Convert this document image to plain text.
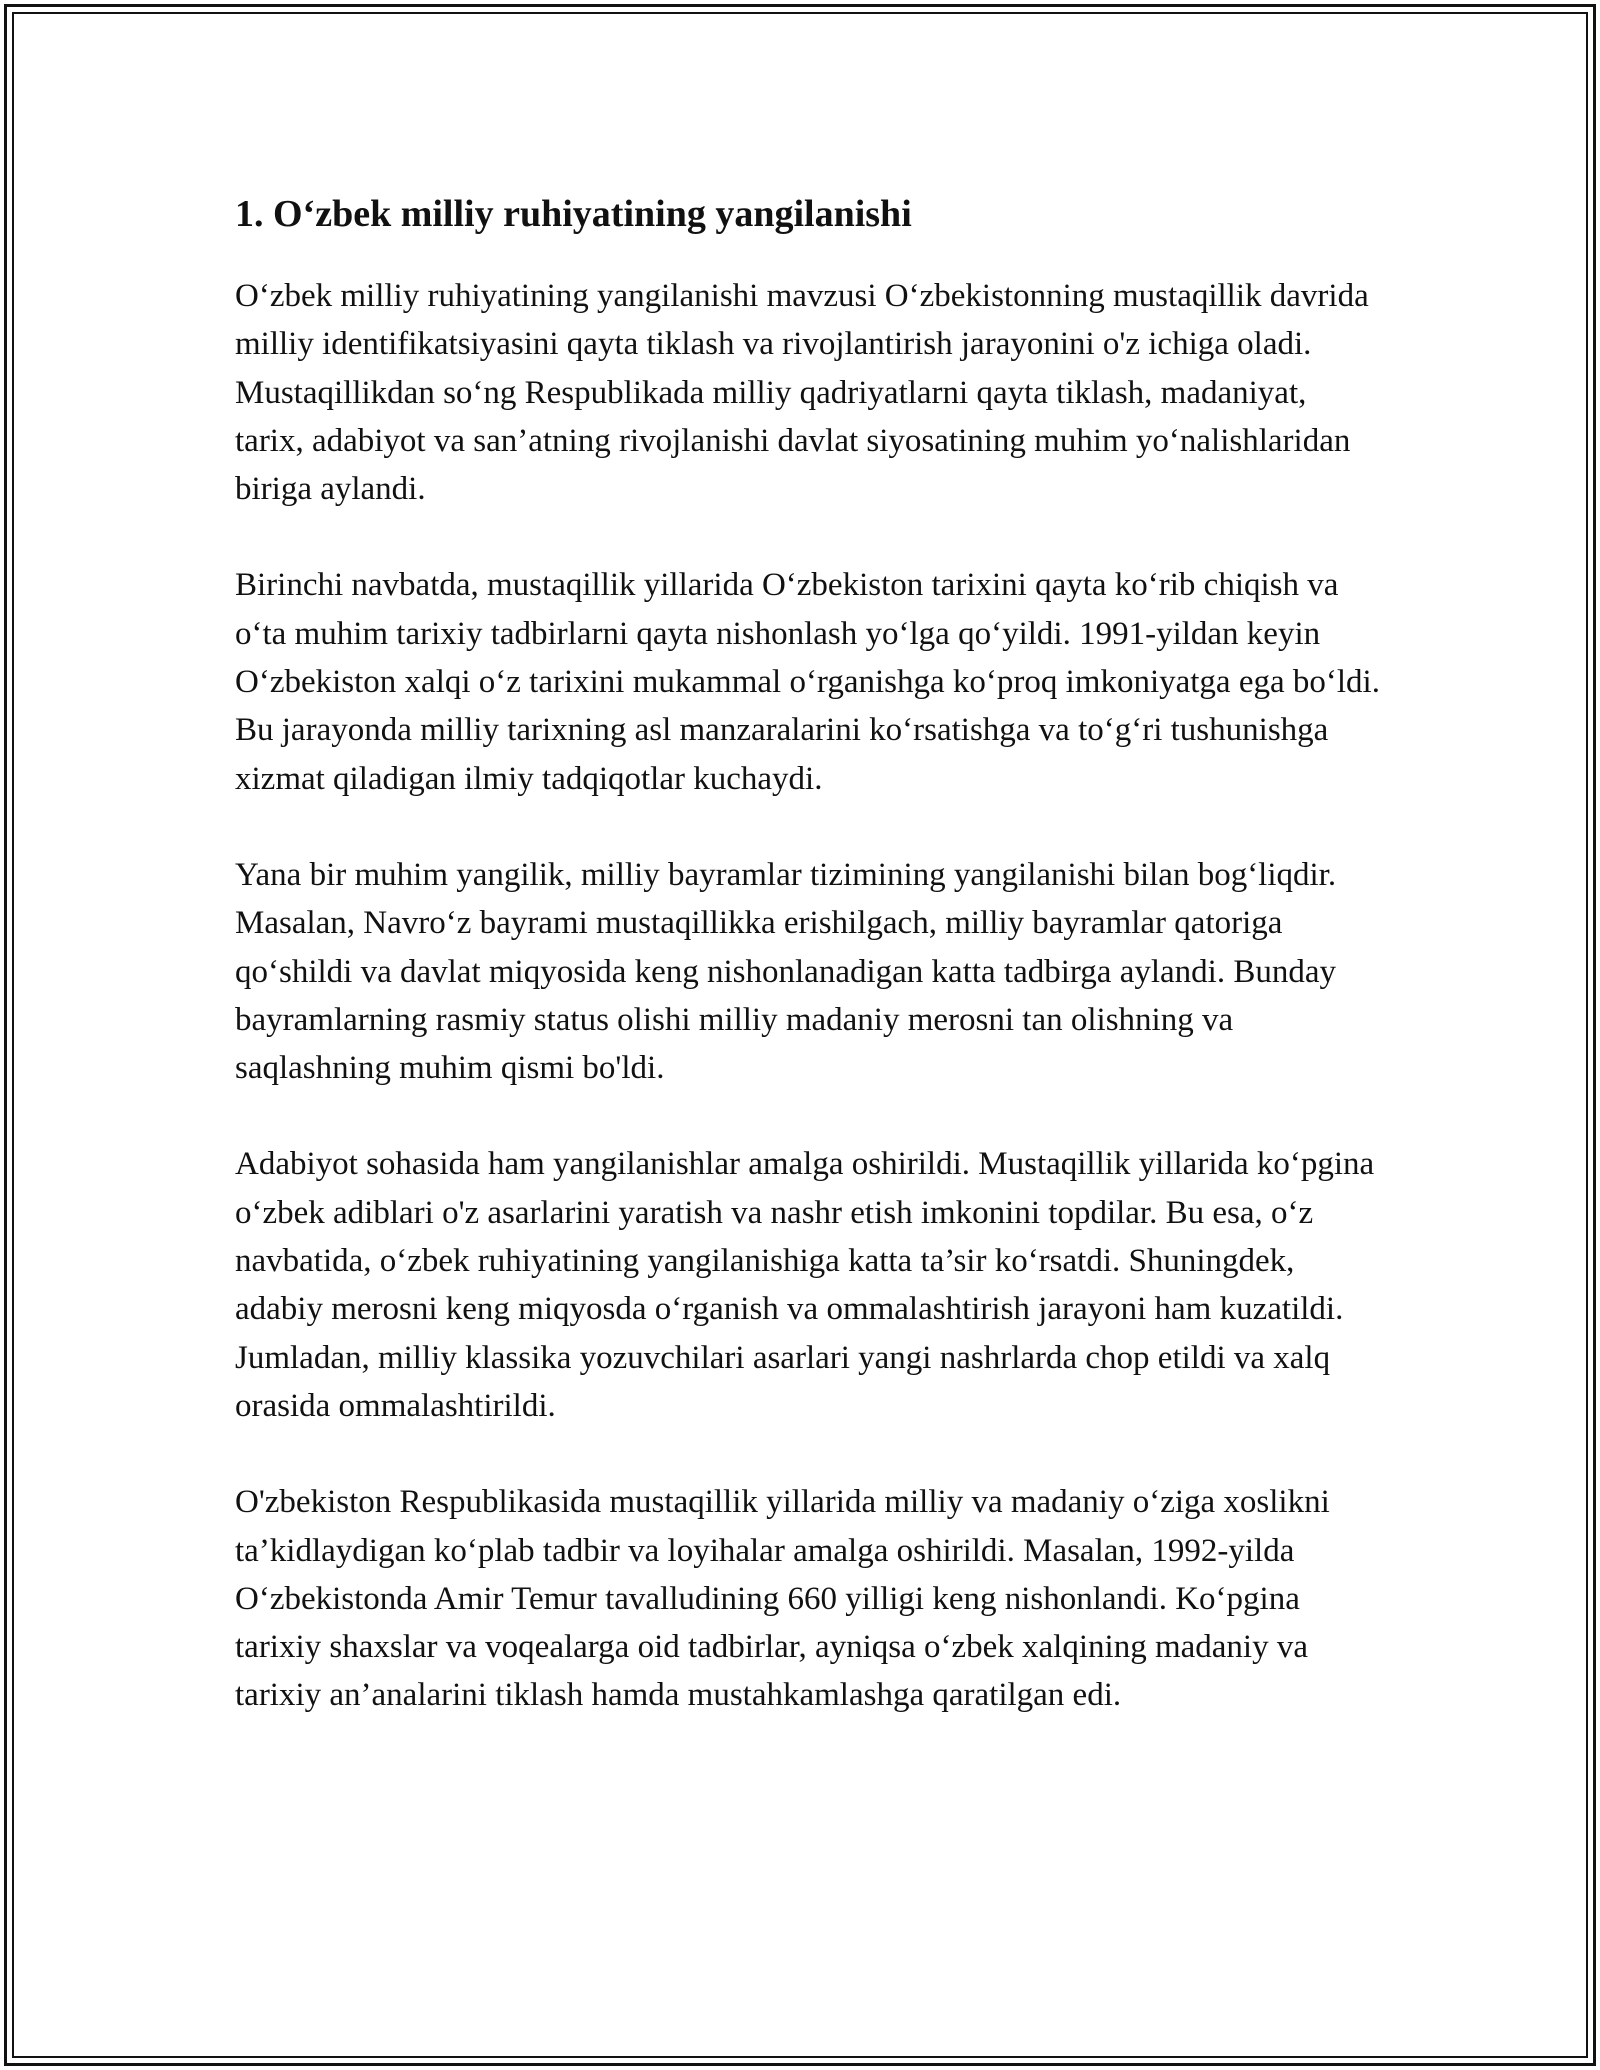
1. O‘zbek milliy ruhiyatining yangilanishi

O‘zbek milliy ruhiyatining yangilanishi mavzusi O‘zbekistonning mustaqillik davrida milliy identifikatsiyasini qayta tiklash va rivojlantirish jarayonini o'z ichiga oladi. Mustaqillikdan so‘ng Respublikada milliy qadriyatlarni qayta tiklash, madaniyat, tarix, adabiyot va san’atning rivojlanishi davlat siyosatining muhim yo‘nalishlaridan biriga aylandi.

Birinchi navbatda, mustaqillik yillarida O‘zbekiston tarixini qayta ko‘rib chiqish va o‘ta muhim tarixiy tadbirlarni qayta nishonlash yo‘lga qo‘yildi. 1991-yildan keyin O‘zbekiston xalqi o‘z tarixini mukammal o‘rganishga ko‘proq imkoniyatga ega bo‘ldi. Bu jarayonda milliy tarixning asl manzaralarini ko‘rsatishga va to‘g‘ri tushunishga xizmat qiladigan ilmiy tadqiqotlar kuchaydi.

Yana bir muhim yangilik, milliy bayramlar tizimining yangilanishi bilan bog‘liqdir. Masalan, Navro‘z bayrami mustaqillikka erishilgach, milliy bayramlar qatoriga qo‘shildi va davlat miqyosida keng nishonlanadigan katta tadbirga aylandi. Bunday bayramlarning rasmiy status olishi milliy madaniy merosni tan olishning va saqlashning muhim qismi bo'ldi.

Adabiyot sohasida ham yangilanishlar amalga oshirildi. Mustaqillik yillarida ko‘pgina o‘zbek adiblari o'z asarlarini yaratish va nashr etish imkonini topdilar. Bu esa, o‘z navbatida, o‘zbek ruhiyatining yangilanishiga katta ta’sir ko‘rsatdi. Shuningdek, adabiy merosni keng miqyosda o‘rganish va ommalashtirish jarayoni ham kuzatildi. Jumladan, milliy klassika yozuvchilari asarlari yangi nashrlarda chop etildi va xalq orasida ommalashtirildi.

O'zbekiston Respublikasida mustaqillik yillarida milliy va madaniy o‘ziga xoslikni ta’kidlaydigan ko‘plab tadbir va loyihalar amalga oshirildi. Masalan, 1992-yilda O‘zbekistonda Amir Temur tavalludining 660 yilligi keng nishonlandi. Ko‘pgina tarixiy shaxslar va voqealarga oid tadbirlar, ayniqsa o‘zbek xalqining madaniy va tarixiy an’analarini tiklash hamda mustahkamlashga qaratilgan edi.
